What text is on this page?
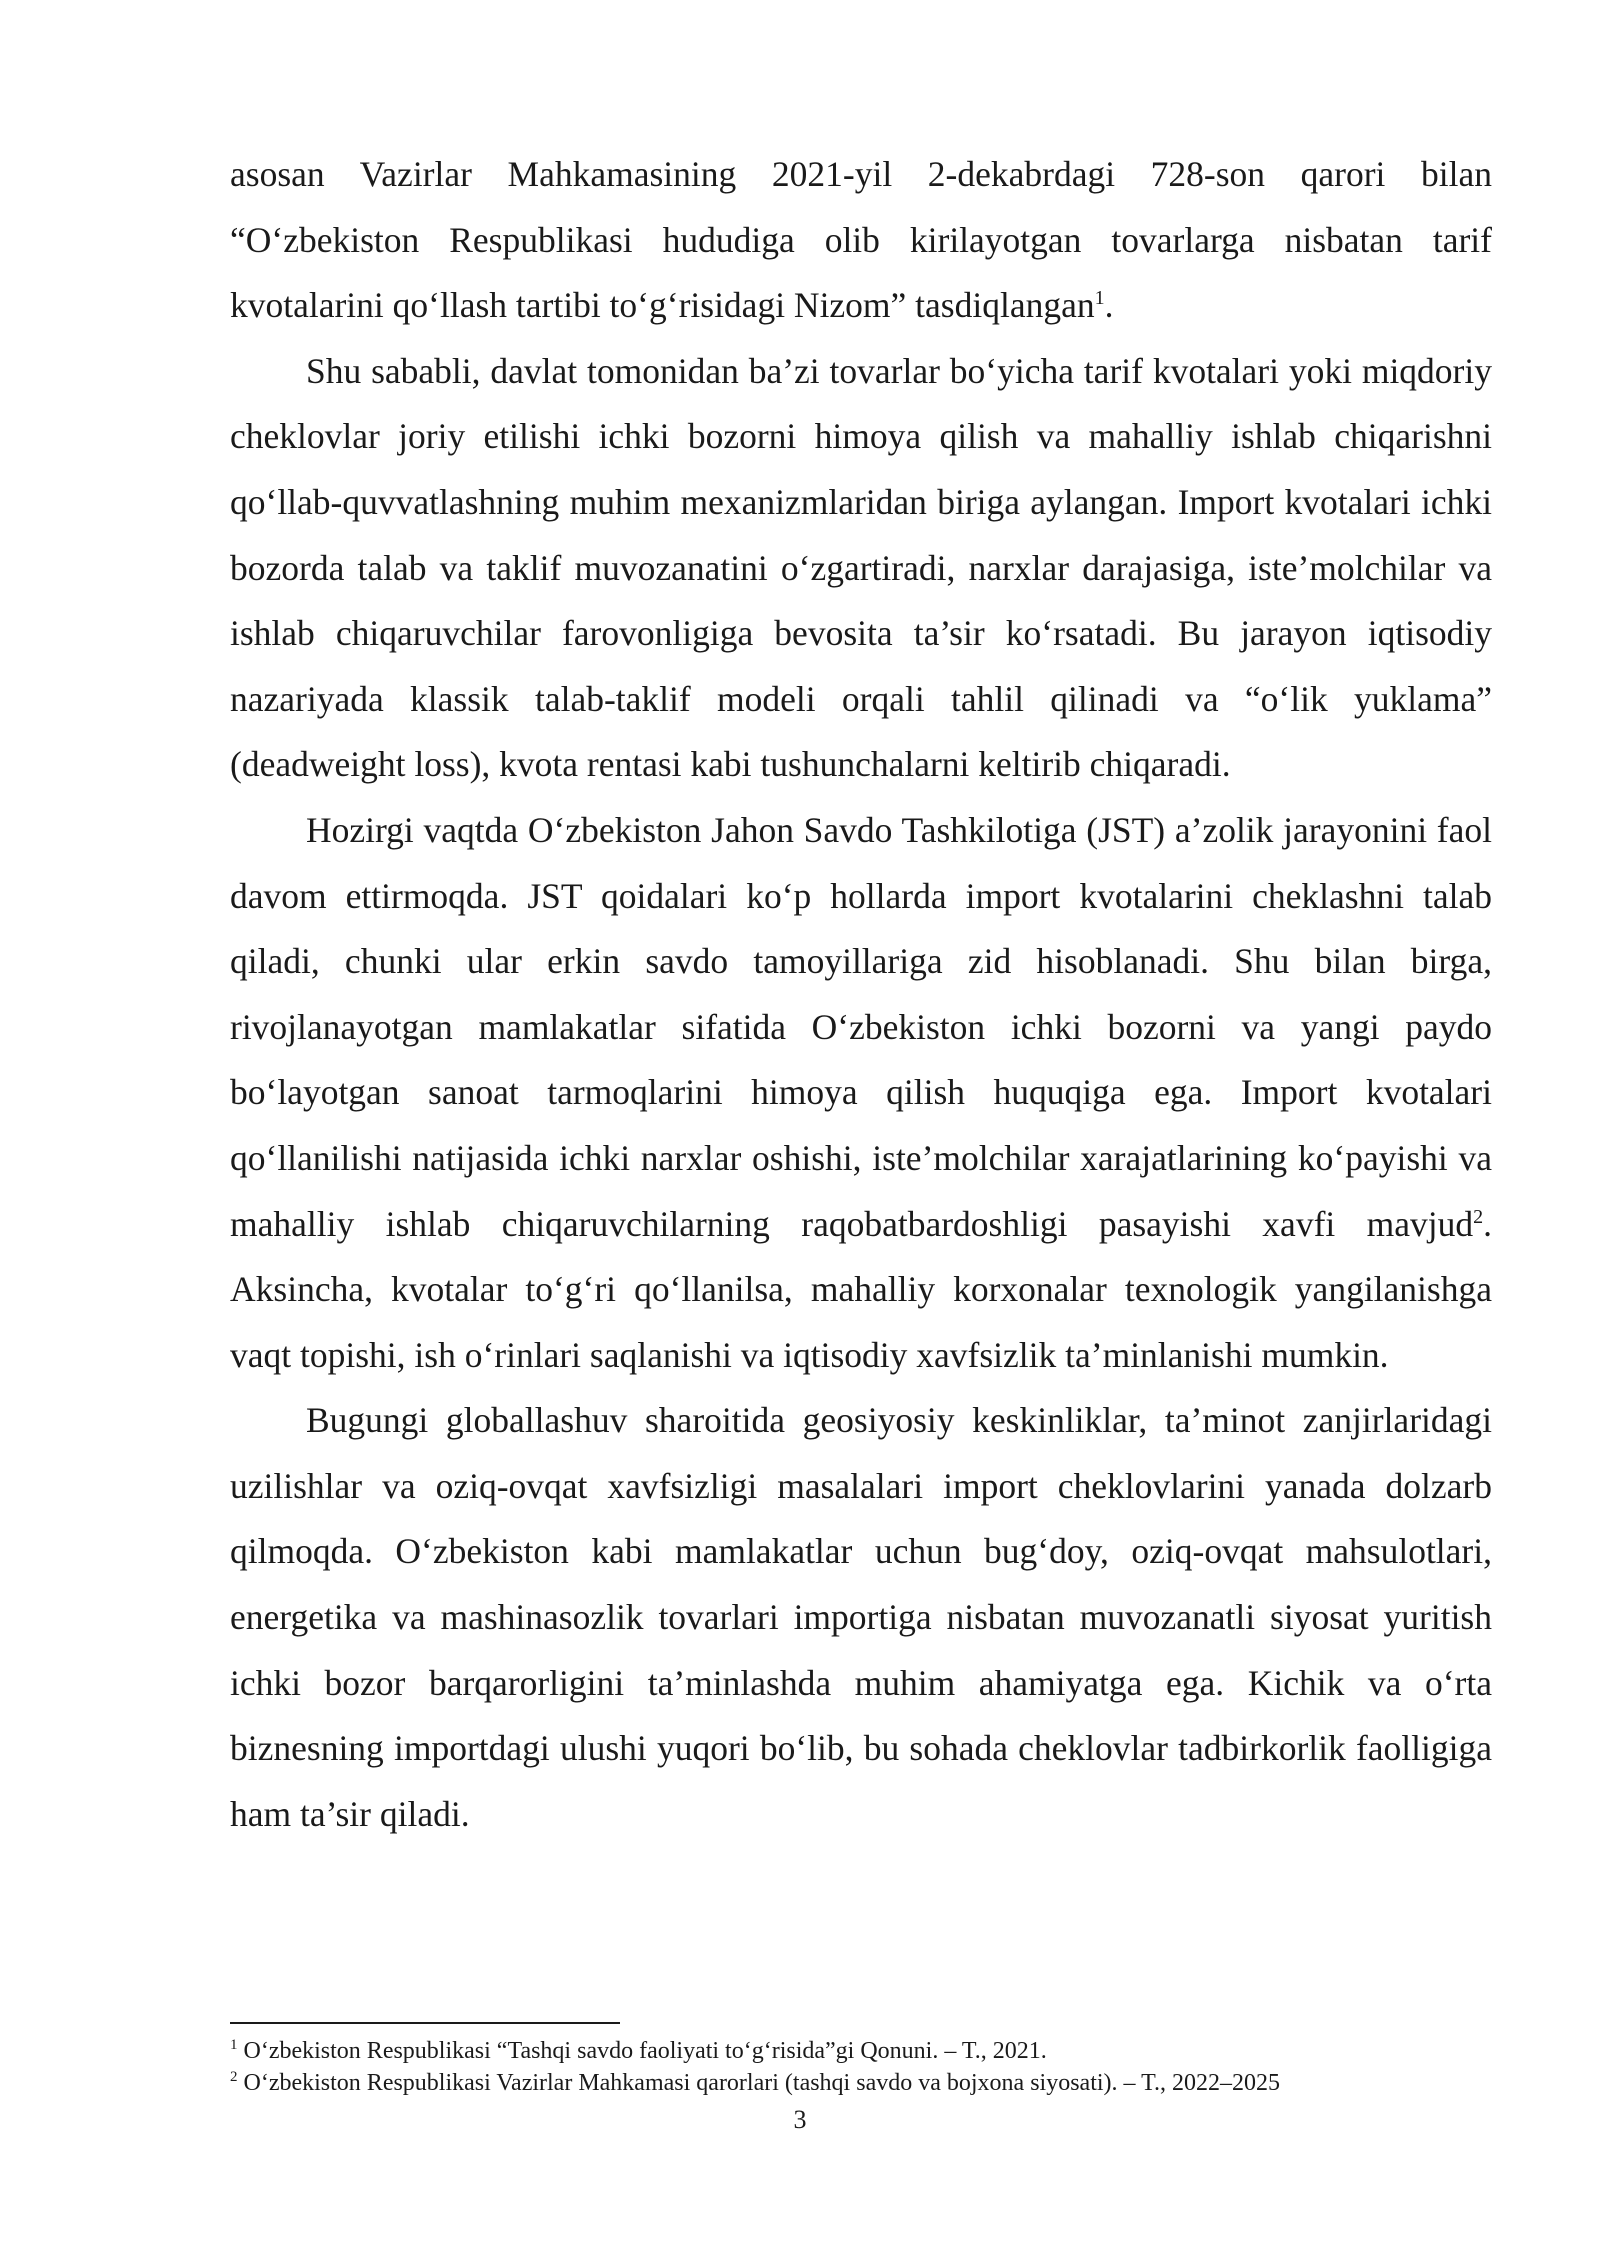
asosan Vazirlar Mahkamasining 2021-yil 2-dekabrdagi 728-son qarori bilan “O‘zbekiston Respublikasi hududiga olib kirilayotgan tovarlarga nisbatan tarif kvotalarini qo‘llash tartibi to‘g‘risidagi Nizom” tasdiqlangan$^1$.

Shu sababli, davlat tomonidan ba’zi tovarlar bo‘yicha tarif kvotalari yoki miqdoriy cheklovlar joriy etilishi ichki bozorni himoya qilish va mahalliy ishlab chiqarishni qo‘llab-quvvatlashning muhim mexanizmlaridan biriga aylangan. Import kvotalari ichki bozorda talab va taklif muvozanatini o‘zgartiradi, narxlar darajasiga, iste’molchilar va ishlab chiqaruvchilar farovonligiga bevosita ta’sir ko‘rsatadi. Bu jarayon iqtisodiy nazariyada klassik talab-taklif modeli orqali tahlil qilinadi va “o‘lik yuklama” (deadweight loss), kvota rentasi kabi tushunchalarni keltirib chiqaradi.

Hozirgi vaqtda O‘zbekiston Jahon Savdo Tashkilotiga (JST) a’zolik jarayonini faol davom ettirmoqda. JST qoidalari ko‘p hollarda import kvotalarini cheklashni talab qiladi, chunki ular erkin savdo tamoyillariga zid hisoblanadi. Shu bilan birga, rivojlanayotgan mamlakatlar sifatida O‘zbekiston ichki bozorni va yangi paydo bo‘layotgan sanoat tarmoqlarini himoya qilish huquqiga ega. Import kvotalari qo‘llanilishi natijasida ichki narxlar oshishi, iste’molchilar xarajatlarining ko‘payishi va mahalliy ishlab chiqaruvchilarning raqobatbardoshligi pasayishi xavfi mavjud$^2$. Aksincha, kvotalar to‘g‘ri qo‘llanilsa, mahalliy korxonalar texnologik yangilanishga vaqt topishi, ish o‘rinlari saqlanishi va iqtisodiy xavfsizlik ta’minlanishi mumkin.

Bugungi globallashuv sharoitida geosiyosiy keskinliklar, ta’minot zanjirlaridagi uzilishlar va oziq-ovqat xavfsizligi masalalari import cheklovlarini yanada dolzarb qilmoqda. O‘zbekiston kabi mamlakatlar uchun bug‘doy, oziq-ovqat mahsulotlari, energetika va mashinasozlik tovarlari importiga nisbatan muvozanatli siyosat yuritish ichki bozor barqarorligini ta’minlashda muhim ahamiyatga ega. Kichik va o‘rta biznesning importdagi ulushi yuqori bo‘lib, bu sohada cheklovlar tadbirkorlik faolligiga ham ta’sir qiladi.

$^1$ O‘zbekiston Respublikasi “Tashqi savdo faoliyati to‘g‘risida”gi Qonuni. – T., 2021.

$^2$ O‘zbekiston Respublikasi Vazirlar Mahkamasi qarorlari (tashqi savdo va bojxona siyosati). – T., 2022–2025

3
